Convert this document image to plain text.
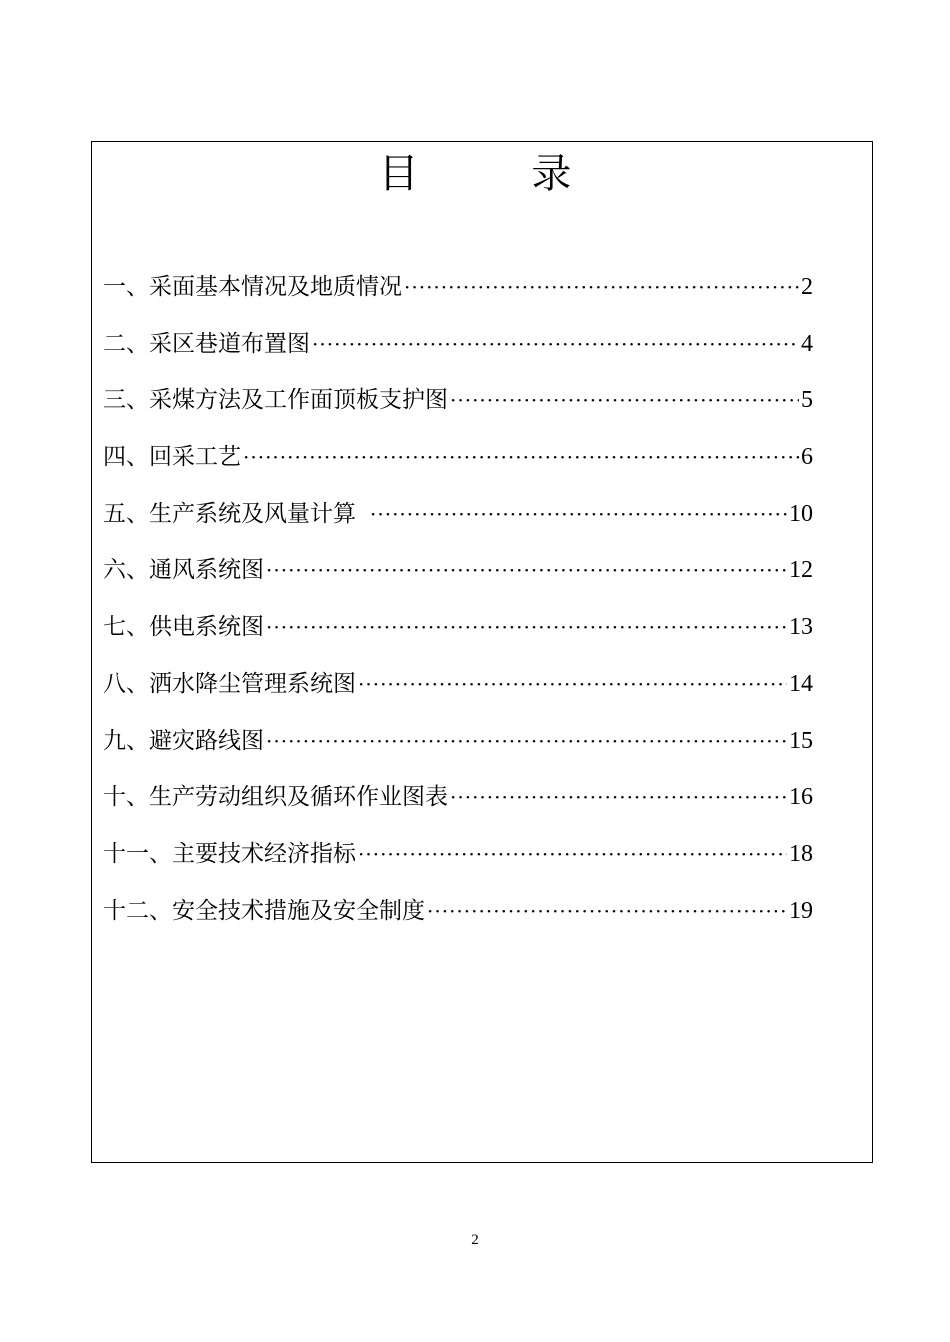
目 录
一、采面基本情况及地质情况 ·····	2
二、采区巷道布置图 ·····	4
三、采煤方法及工作面顶板支护图 ·····	5
四、回采工艺 ·····	6
五、生产系统及风量计算 ·····	10
六、通风系统图 ·····	12
七、供电系统图 ·····	13
八、洒水降尘管理系统图 ·····	14
九、避灾路线图 ·····	15
十、生产劳动组织及循环作业图表 ·····	16
十一、主要技术经济指标 ·····	18
十二、安全技术措施及安全制度 ·····	19
2
